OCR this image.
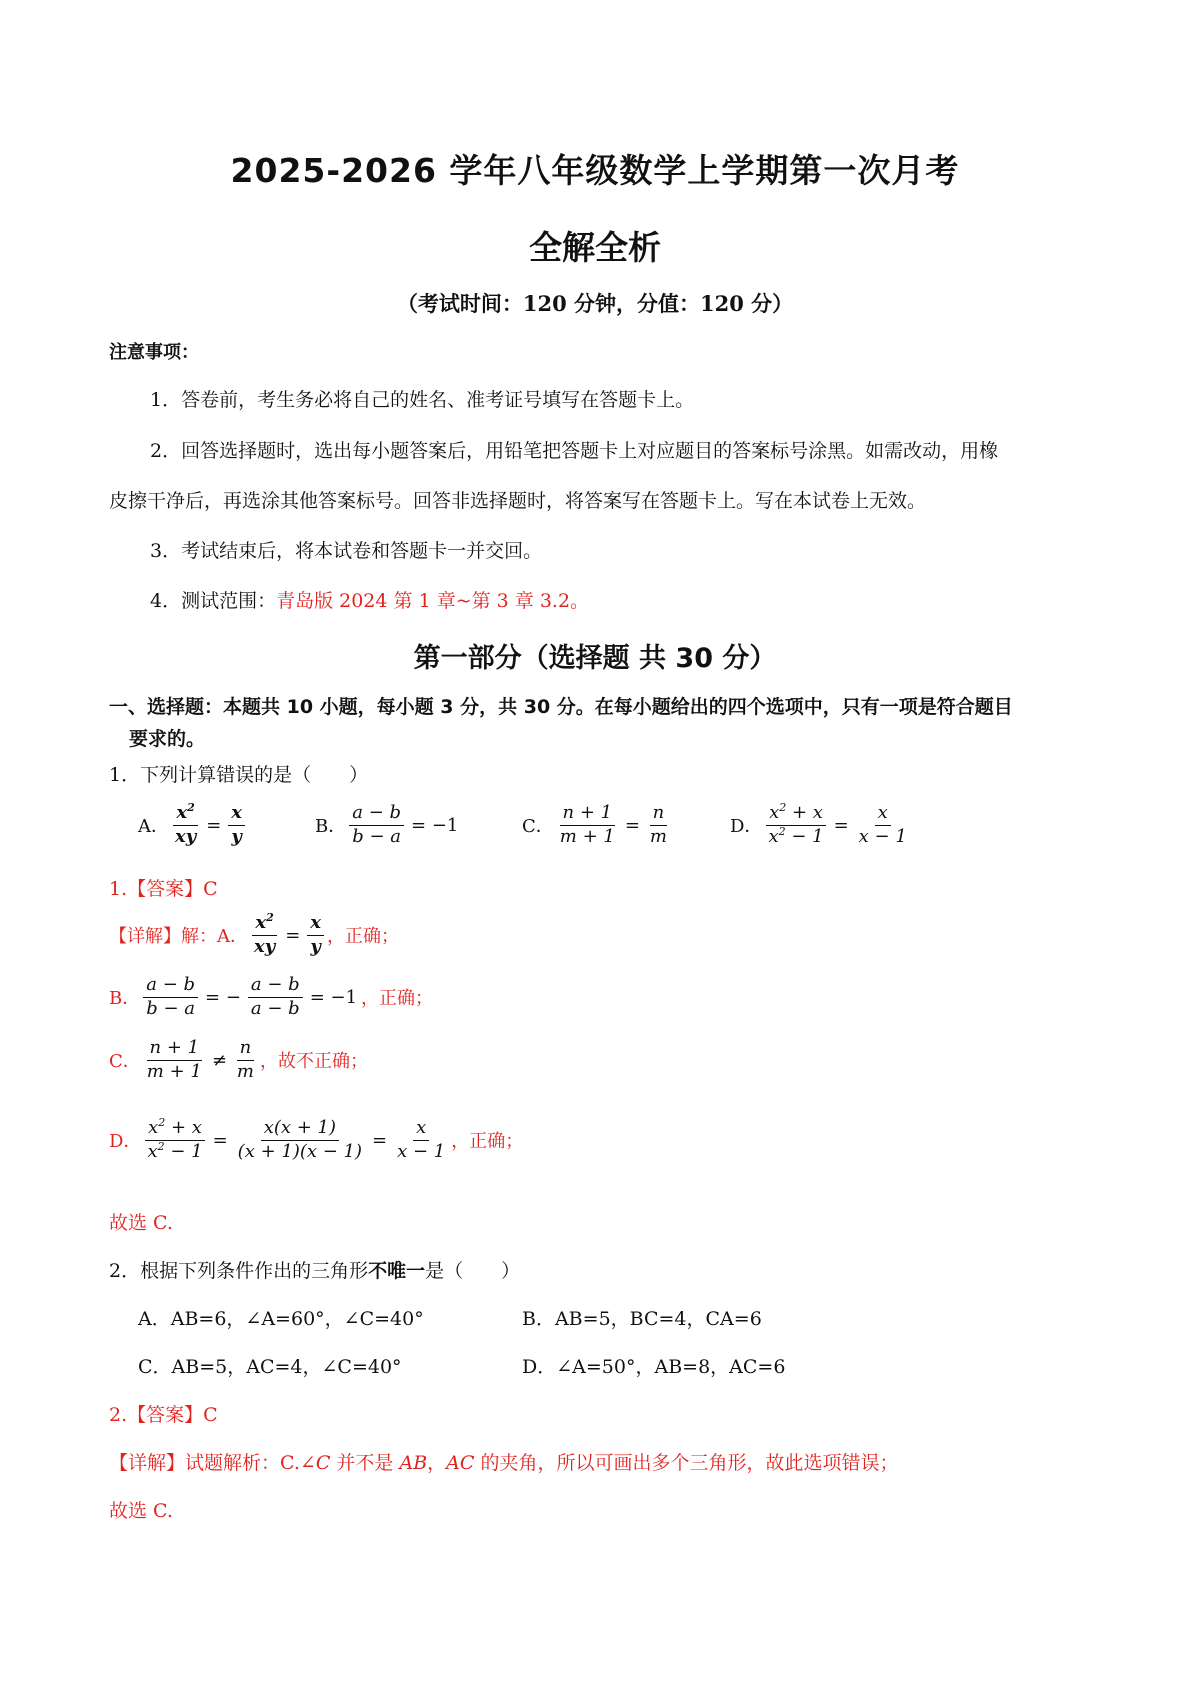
2025-2026 学年八年级数学上学期第一次月考
全解全析
（考试时间：120 分钟，分值：120 分）
注意事项：
1．答卷前，考生务必将自己的姓名、准考证号填写在答题卡上。
2．回答选择题时，选出每小题答案后，用铅笔把答题卡上对应题目的答案标号涂黑。如需改动，用橡
皮擦干净后，再选涂其他答案标号。回答非选择题时，将答案写在答题卡上。写在本试卷上无效。
3．考试结束后，将本试卷和答题卡一并交回。
4．测试范围：青岛版 2024 第 1 章~第 3 章 3.2。
第一部分（选择题 共 30 分）
一、选择题：本题共 10 小题，每小题 3 分，共 30 分。在每小题给出的四个选项中，只有一项是符合题目
要求的。
1．下列计算错误的是（　　）
A． $\frac{x^2}{xy} = \frac{x}{y}$	B． $\frac{a - b}{b - a} = -1$	C． $\frac{n + 1}{m + 1} = \frac{n}{m}$	D． $\frac{x^2 + x}{x^2 - 1} = \frac{x}{x - 1}$
1.【答案】C
【详解】解：A． $\frac{x^2}{xy} = \frac{x}{y}$ ，正确；
B． $\frac{a - b}{b - a}$ = − $\frac{a - b}{a - b} = -1$ ，正确；
C． $\frac{n + 1}{m + 1} \ne \frac{n}{m}$ ，故不正确；
D． $\frac{x^2 + x}{x^2 - 1} = \frac{x(x + 1)}{(x + 1)(x - 1)} = \frac{x}{x - 1}$ ，正确；
故选 C.
2．根据下列条件作出的三角形不唯一是（　　）
A．AB=6，∠A=60°，∠C=40°	B．AB=5，BC=4，CA=6
C．AB=5，AC=4，∠C=40°	D．∠A=50°，AB=8，AC=6
2.【答案】C
【详解】试题解析：C.∠C 并不是 AB，AC 的夹角，所以可画出多个三角形，故此选项错误；
故选 C.
